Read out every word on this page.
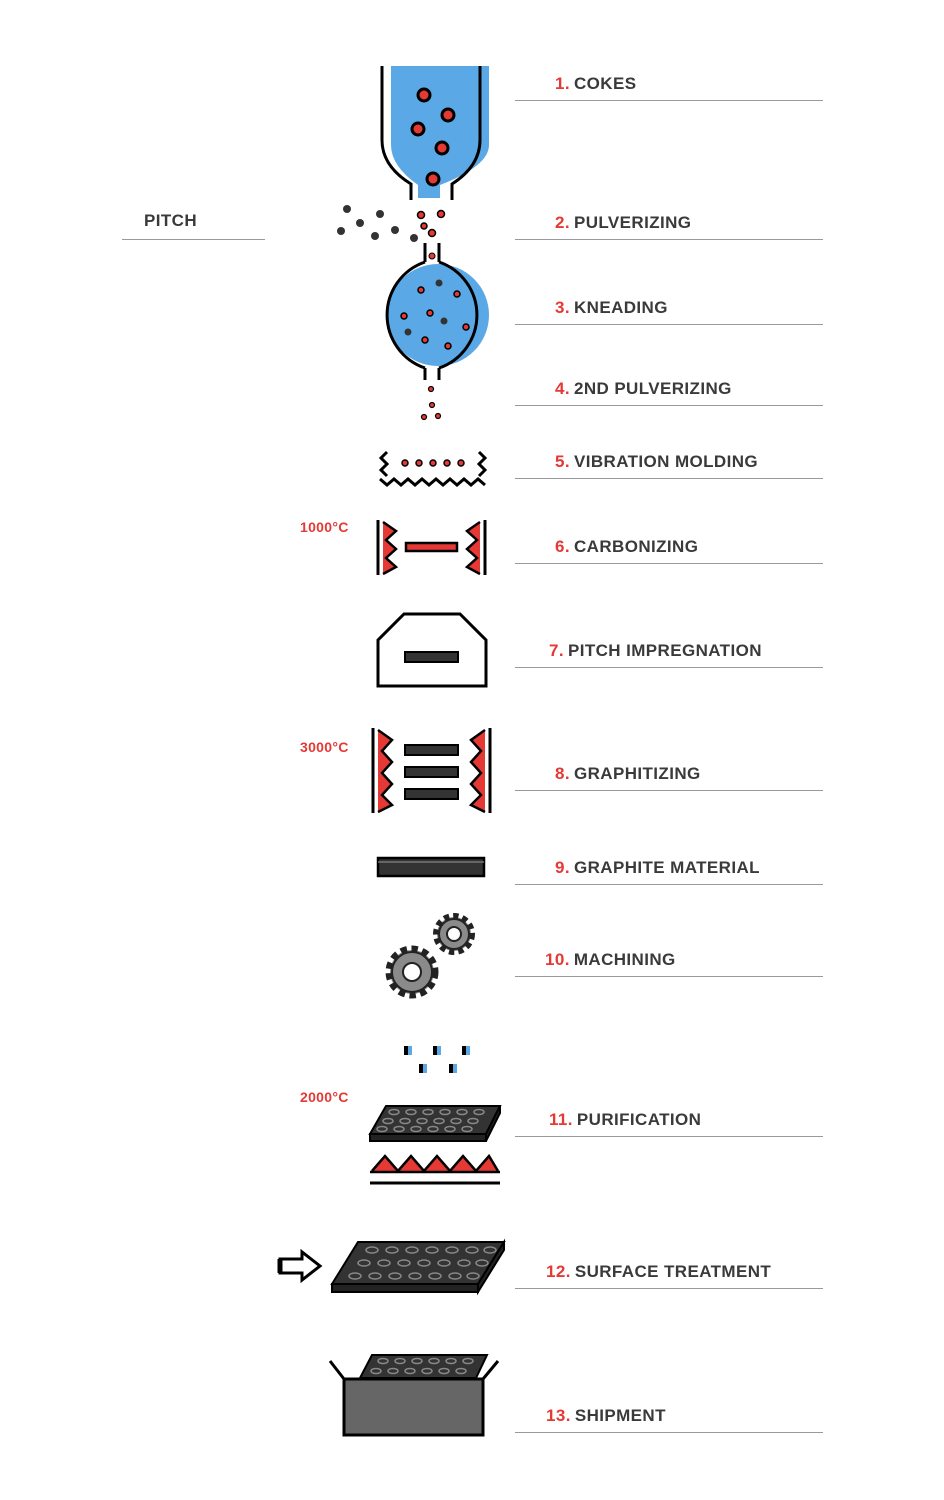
PITCH
1000°C
3000°C
2000°C
1. COKES
2. PULVERIZING
3. KNEADING
4. 2ND PULVERIZING
5. VIBRATION MOLDING
6. CARBONIZING
7. PITCH IMPREGNATION
8. GRAPHITIZING
9. GRAPHITE MATERIAL
10. MACHINING
11. PURIFICATION
12. SURFACE TREATMENT
13. SHIPMENT
